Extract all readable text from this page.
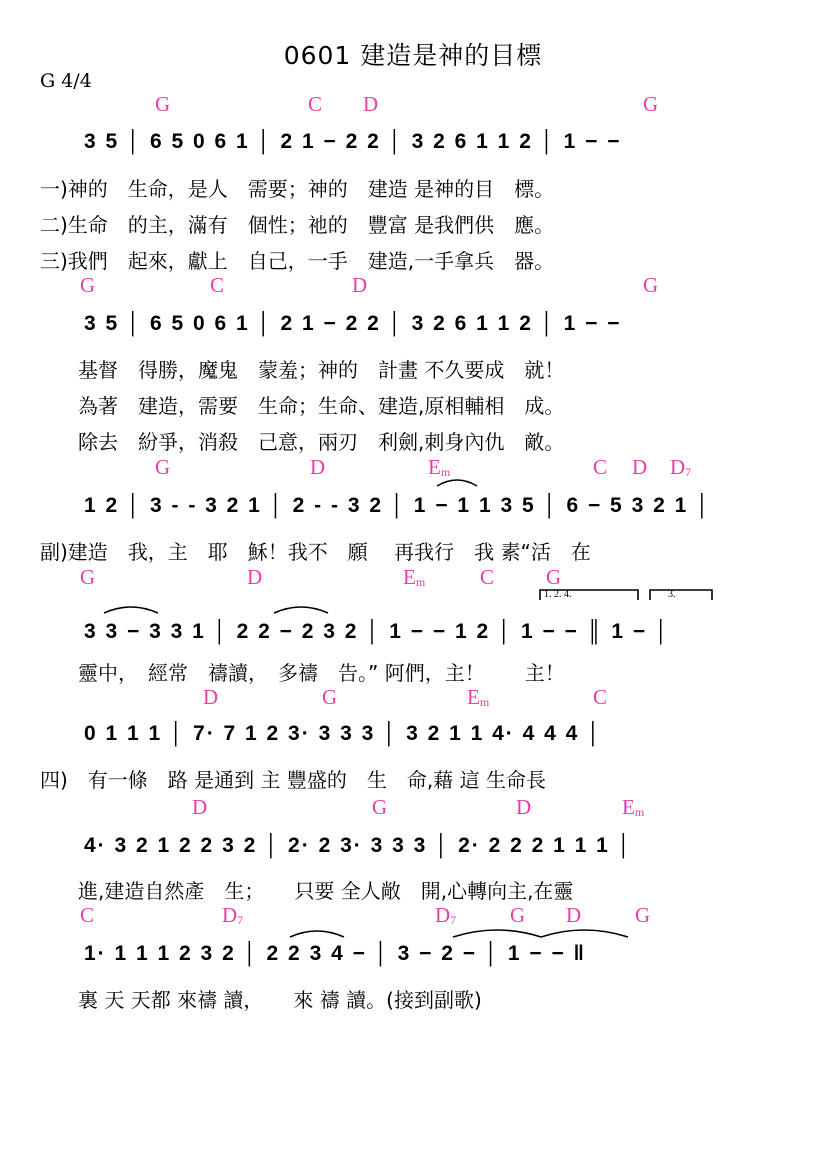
0601 建造是神的目標
G 4/4
G	C D	G
3 5 │ 6 5 0 6 1 │ 2 1 − 2 2 │ 3 2 6 1 1 2 │ 1 − −
一)神的　生命，是人　需要；神的　建造 是神的目　標。
二)生命　的主，滿有　個性；祂的　豐富 是我們供　應。
三)我們　起來，獻上　自己，一手　建造,一手拿兵　器。
G	C	D	G
3 5 │ 6 5 0 6 1 │ 2 1 − 2 2 │ 3 2 6 1 1 2 │ 1 − −
基督　得勝，魔鬼　蒙羞；神的　計畫 不久要成　就！
為著　建造，需要　生命；生命、建造,原相輔相　成。
除去　紛爭，消殺　己意，兩刃　利劍,刺身內仇　敵。
G	D	$E_m$	C D $D_7$
1 2 │ 3 - - 3 2 1 │ 2 - - 3 2 │ 1 − 1 1 3 5 │ 6 − 5 3 2 1 │
副)建造　我，主　耶　穌！我不　願　 再我行　我 素“活　在
G	D	$E_m$	C G
1. 2. 4.	3.
3 3 − 3 3 1 │ 2 2 − 2 3 2 │ 1 − − 1 2 │ 1 − − ║ 1 − │
靈中，　經常　禱讀，　多禱　告。” 阿們，主！　　主！
D	G	$E_m$	C
0 1 1 1 │ 7· 7 1 2 3· 3 3 3 │ 3 2 1 1 4· 4 4 4 │
四)　有一條　路 是通到 主 豐盛的　生　命,藉 這 生命長
D	G	D	$E_m$
4· 3 2 1 2 2 3 2 │ 2· 2 3· 3 3 3 │ 2· 2 2 2 1 1 1 │
進,建造自然產　生；　　只要 全人敞　開,心轉向主,在靈
C	$D_7$	$D_7$	G D	G
1· 1 1 1 2 3 2 │ 2 2 3 4 − │ 3 − 2 − │ 1 − − ‖
裏 天 天都 來禱 讀，　　來 禱 讀。(接到副歌)
